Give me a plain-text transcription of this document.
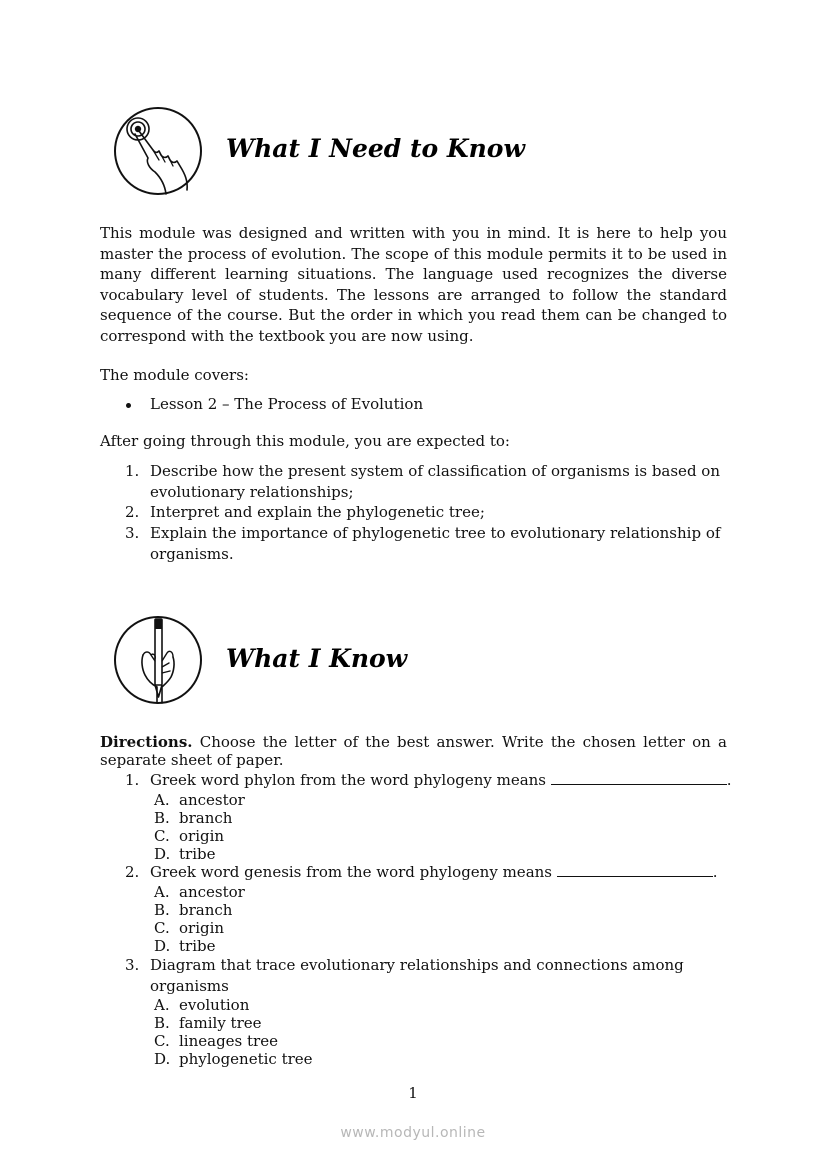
What I Need to Know

This module was designed and written with you in mind. It is here to help you master the process of evolution. The scope of this module permits it to be used in many different learning situations. The language used recognizes the diverse vocabulary level of students. The lessons are arranged to follow the standard sequence of the course. But the order in which you read them can be changed to correspond with the textbook you are now using.

The module covers:
Lesson 2 – The Process of Evolution
After going through this module, you are expected to:
1. Describe how the present system of classification of organisms is based on
evolutionary relationships;
2. Interpret and explain the phylogenetic tree;
3. Explain the importance of phylogenetic tree to evolutionary relationship of
organisms.
What I Know

Directions. Choose the letter of the best answer. Write the chosen letter on a separate sheet of paper.

1. Greek word phylon from the word phylogeny means	.
A. ancestor
B. branch
C. origin
D. tribe
2. Greek word genesis from the word phylogeny means	.
A. ancestor
B. branch
C. origin
D. tribe
3. Diagram that trace evolutionary relationships and connections among
organisms
A. evolution
B. family tree
C. lineages tree
D. phylogenetic tree
1
www.modyul.online
